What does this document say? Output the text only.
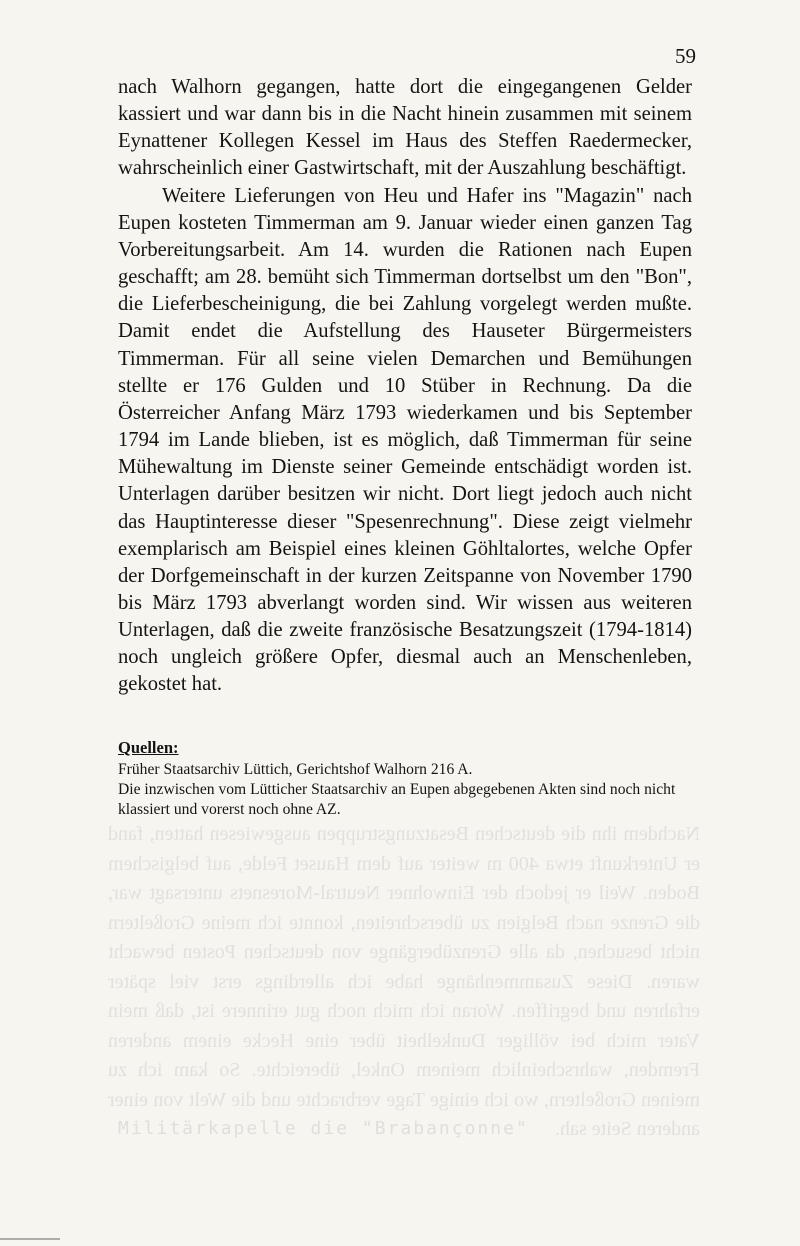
Nachdem ihn die deutschen Besatzungstruppen ausgewiesen hatten, fand er Unterkunft etwa 400 m weiter auf dem Hauset Felde, auf belgischem Boden. Weil er jedoch der Einwohner Neutral-Moresnets untersagt war, die Grenze nach Belgien zu überschreiten, konnte ich meine Großeltern nicht besuchen, da alle Grenzübergänge von deutschen Posten bewacht waren. Diese Zusammenhänge habe ich allerdings erst viel später erfahren und begriffen. Woran ich mich noch gut erinnere ist, daß mein Vater mich bei völliger Dunkelheit über eine Hecke einem anderen Fremden, wahrscheinlich meinem Onkel, übereichte. So kam ich zu meinen Großeltern, wo ich einige Tage verbrachte und die Welt von einer anderen Seite sah.
Militärkapelle die "Brabançonne"
59

nach Walhorn gegangen, hatte dort die eingegangenen Gelder kassiert und war dann bis in die Nacht hinein zusammen mit seinem Eynattener Kollegen Kessel im Haus des Steffen Raedermecker, wahrscheinlich einer Gastwirtschaft, mit der Auszahlung beschäftigt.

Weitere Lieferungen von Heu und Hafer ins "Magazin" nach Eupen kosteten Timmerman am 9. Januar wieder einen ganzen Tag Vorbereitungsarbeit. Am 14. wurden die Rationen nach Eupen geschafft; am 28. bemüht sich Timmerman dortselbst um den "Bon", die Lieferbescheinigung, die bei Zahlung vorgelegt werden mußte. Damit endet die Aufstellung des Hauseter Bürgermeisters Timmerman. Für all seine vielen Demarchen und Bemühungen stellte er 176 Gulden und 10 Stüber in Rechnung. Da die Österreicher Anfang März 1793 wiederkamen und bis September 1794 im Lande blieben, ist es möglich, daß Timmerman für seine Mühewaltung im Dienste seiner Gemeinde entschädigt worden ist. Unterlagen darüber besitzen wir nicht. Dort liegt jedoch auch nicht das Hauptinteresse dieser "Spesenrechnung". Diese zeigt vielmehr exemplarisch am Beispiel eines kleinen Göhltalortes, welche Opfer der Dorfgemeinschaft in der kurzen Zeitspanne von November 1790 bis März 1793 abverlangt worden sind. Wir wissen aus weiteren Unterlagen, daß die zweite französische Besatzungszeit (1794-1814) noch ungleich größere Opfer, diesmal auch an Menschenleben, gekostet hat.

Quellen:

Früher Staatsarchiv Lüttich, Gerichtshof Walhorn 216 A.

Die inzwischen vom Lütticher Staatsarchiv an Eupen abgegebenen Akten sind noch nicht klassiert und vorerst noch ohne AZ.
